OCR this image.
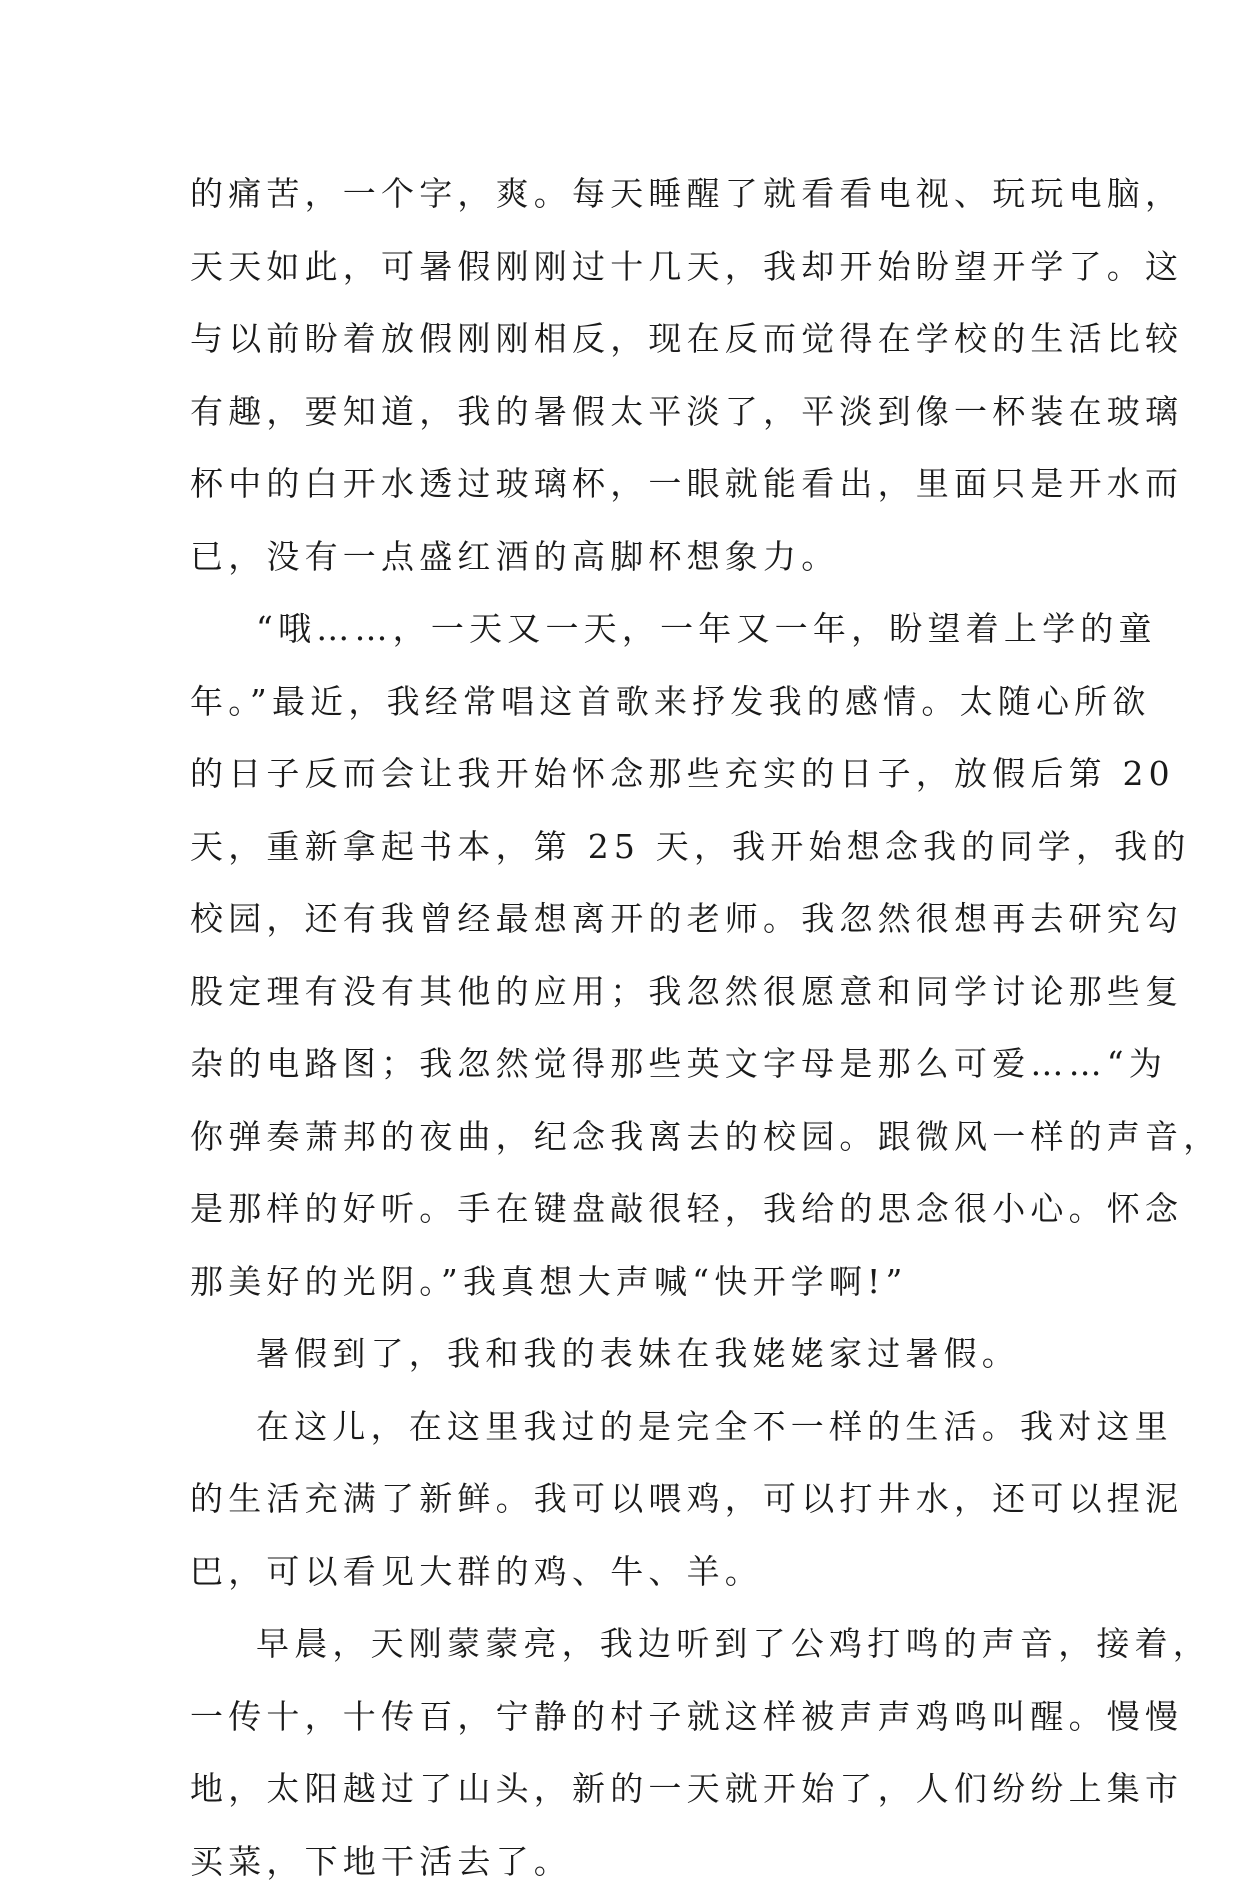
的痛苦，一个字，爽。每天睡醒了就看看电视、玩玩电脑，
天天如此，可暑假刚刚过十几天，我却开始盼望开学了。这
与以前盼着放假刚刚相反，现在反而觉得在学校的生活比较
有趣，要知道，我的暑假太平淡了，平淡到像一杯装在玻璃
杯中的白开水透过玻璃杯，一眼就能看出，里面只是开水而
已，没有一点盛红酒的高脚杯想象力。
“哦……，一天又一天，一年又一年，盼望着上学的童
年。”最近，我经常唱这首歌来抒发我的感情。太随心所欲
的日子反而会让我开始怀念那些充实的日子，放假后第 20
天，重新拿起书本，第 25 天，我开始想念我的同学，我的
校园，还有我曾经最想离开的老师。我忽然很想再去研究勾
股定理有没有其他的应用；我忽然很愿意和同学讨论那些复
杂的电路图；我忽然觉得那些英文字母是那么可爱……“为
你弹奏萧邦的夜曲，纪念我离去的校园。跟微风一样的声音，
是那样的好听。手在键盘敲很轻，我给的思念很小心。怀念
那美好的光阴。”我真想大声喊“快开学啊!”
暑假到了，我和我的表妹在我姥姥家过暑假。
在这儿，在这里我过的是完全不一样的生活。我对这里
的生活充满了新鲜。我可以喂鸡，可以打井水，还可以捏泥
巴，可以看见大群的鸡、牛、羊。
早晨，天刚蒙蒙亮，我边听到了公鸡打鸣的声音，接着，
一传十，十传百，宁静的村子就这样被声声鸡鸣叫醒。慢慢
地，太阳越过了山头，新的一天就开始了，人们纷纷上集市
买菜，下地干活去了。
